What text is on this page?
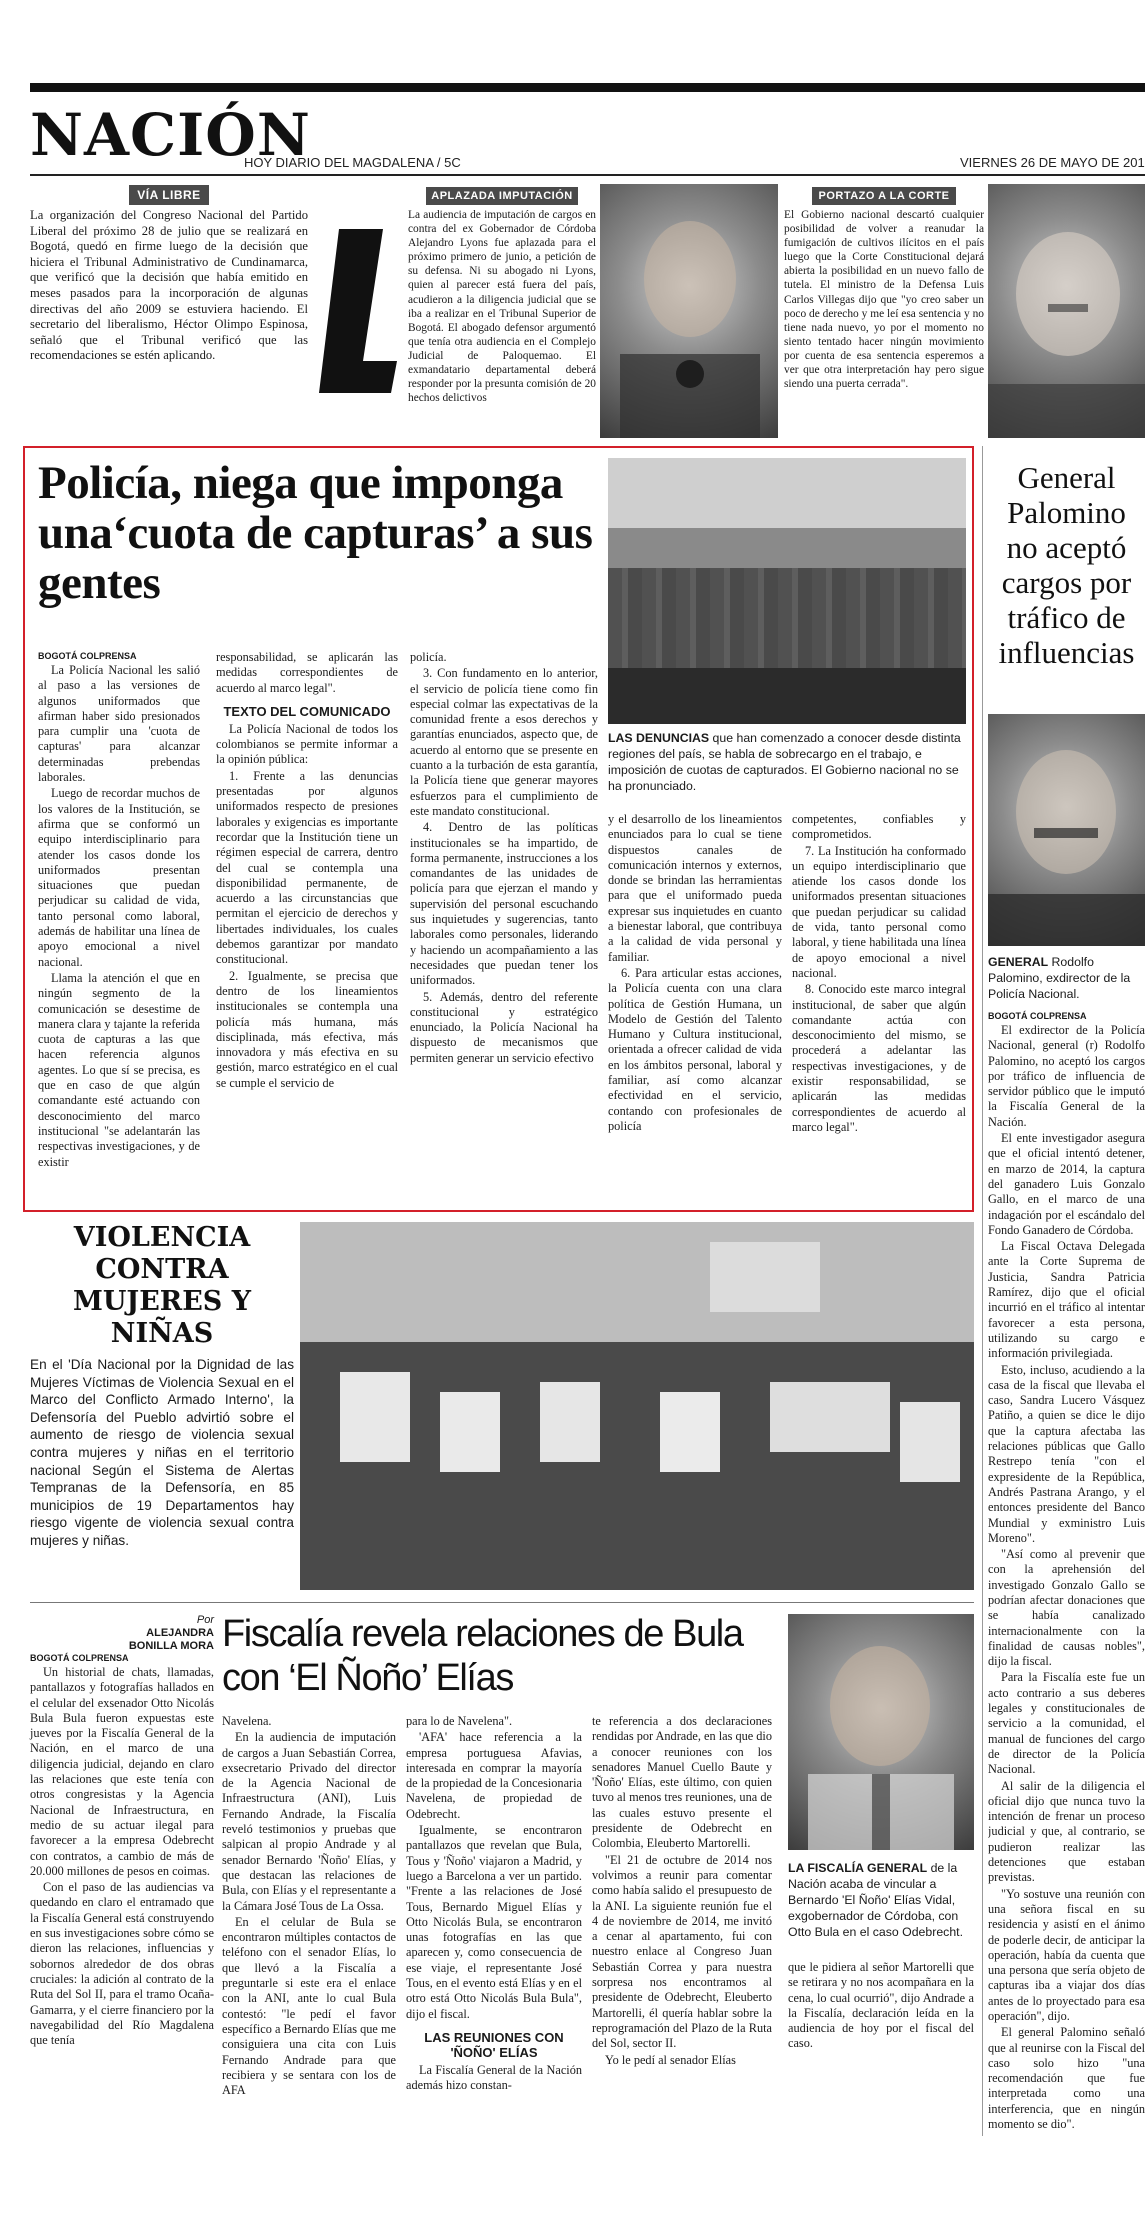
NACIÓN
HOY DIARIO DEL MAGDALENA / 5C	VIERNES 26 DE MAYO DE 201
VÍA LIBRE

La organización del Congreso Nacional del Partido Liberal del próximo 28 de julio que se realizará en Bogotá, quedó en firme luego de la decisión que hiciera el Tribunal Administrativo de Cundinamarca, que verificó que la decisión que había emitido en meses pasados para la incorporación de algunas directivas del año 2009 se estuviera haciendo. El secretario del liberalismo, Héctor Olimpo Espinosa, señaló que el Tribunal verificó que las recomendaciones se estén aplicando.

APLAZADA IMPUTACIÓN

La audiencia de imputación de cargos en contra del ex Gobernador de Córdoba Alejandro Lyons fue aplazada para el próximo primero de junio, a petición de su defensa. Ni su abogado ni Lyons, quien al parecer está fuera del país, acudieron a la diligencia judicial que se iba a realizar en el Tribunal Superior de Bogotá. El abogado defensor argumentó que tenía otra audiencia en el Complejo Judicial de Paloquemao. El exmandatario departamental deberá responder por la presunta comisión de 20 hechos delictivos

PORTAZO A LA CORTE

El Gobierno nacional descartó cualquier posibilidad de volver a reanudar la fumigación de cultivos ilícitos en el país luego que la Corte Constitucional dejará abierta la posibilidad en un nuevo fallo de tutela. El ministro de la Defensa Luis Carlos Villegas dijo que "yo creo saber un poco de derecho y me leí esa sentencia y no tiene nada nuevo, yo por el momento no siento tentado hacer ningún movimiento por cuenta de esa sentencia esperemos a ver que otra interpretación hay pero sigue siendo una puerta cerrada".

Policía, niega que imponga una‘cuota de capturas’ a sus gentes
LAS DENUNCIAS que han comenzado a conocer desde distinta regiones del país, se habla de sobrecargo en el trabajo, e imposición de cuotas de capturados. El Gobierno nacional no se ha pronunciado.

BOGOTÁ COLPRENSA

La Policía Nacional les salió al paso a las versiones de algunos uniformados que afirman haber sido presionados para cumplir una 'cuota de capturas' para alcanzar determinadas prebendas laborales.

Luego de recordar muchos de los valores de la Institución, se afirma que se conformó un equipo interdisciplinario para atender los casos donde los uniformados presentan situaciones que puedan perjudicar su calidad de vida, tanto personal como laboral, además de habilitar una línea de apoyo emocional a nivel nacional.

Llama la atención el que en ningún segmento de la comunicación se desestime de manera clara y tajante la referida cuota de capturas a las que hacen referencia algunos agentes. Lo que sí se precisa, es que en caso de que algún comandante esté actuando con desconocimiento del marco institucional "se adelantarán las respectivas investigaciones, y de existir

responsabilidad, se aplicarán las medidas correspondientes de acuerdo al marco legal".

TEXTO DEL COMUNICADO

La Policía Nacional de todos los colombianos se permite informar a la opinión pública:

1. Frente a las denuncias presentadas por algunos uniformados respecto de presiones laborales y exigencias es importante recordar que la Institución tiene un régimen especial de carrera, dentro del cual se contempla una disponibilidad permanente, de acuerdo a las circunstancias que permitan el ejercicio de derechos y libertades individuales, los cuales debemos garantizar por mandato constitucional.

2. Igualmente, se precisa que dentro de los lineamientos institucionales se contempla una policía más humana, más disciplinada, más efectiva, más innovadora y más efectiva en su gestión, marco estratégico en el cual se cumple el servicio de

policía.

3. Con fundamento en lo anterior, el servicio de policía tiene como fin especial colmar las expectativas de la comunidad frente a esos derechos y garantías enunciados, aspecto que, de acuerdo al entorno que se presente en cuanto a la turbación de esta garantía, la Policía tiene que generar mayores esfuerzos para el cumplimiento de este mandato constitucional.

4. Dentro de las políticas institucionales se ha impartido, de forma permanente, instrucciones a los comandantes de las unidades de policía para que ejerzan el mando y supervisión del personal escuchando sus inquietudes y sugerencias, tanto laborales como personales, liderando y haciendo un acompañamiento a las necesidades que puedan tener los uniformados.

5. Además, dentro del referente constitucional y estratégico enunciado, la Policía Nacional ha dispuesto de mecanismos que permiten generar un servicio efectivo

y el desarrollo de los lineamientos enunciados para lo cual se tiene dispuestos canales de comunicación internos y externos, donde se brindan las herramientas para que el uniformado pueda expresar sus inquietudes en cuanto a bienestar laboral, que contribuya a la calidad de vida personal y familiar.

6. Para articular estas acciones, la Policía cuenta con una clara política de Gestión Humana, un Modelo de Gestión del Talento Humano y Cultura institucional, orientada a ofrecer calidad de vida en los ámbitos personal, laboral y familiar, así como alcanzar efectividad en el servicio, contando con profesionales de policía

competentes, confiables y comprometidos.

7. La Institución ha conformado un equipo interdisciplinario que atiende los casos donde los uniformados presentan situaciones que puedan perjudicar su calidad de vida, tanto personal como laboral, y tiene habilitada una línea de apoyo emocional a nivel nacional.

8. Conocido este marco integral institucional, de saber que algún comandante actúa con desconocimiento del mismo, se procederá a adelantar las respectivas investigaciones, y de existir responsabilidad, se aplicarán las medidas correspondientes de acuerdo al marco legal".

General Palomino no aceptó cargos por tráfico de influencias
GENERAL Rodolfo Palomino, exdirector de la Policía Nacional.

BOGOTÁ COLPRENSA

El exdirector de la Policía Nacional, general (r) Rodolfo Palomino, no aceptó los cargos por tráfico de influencia de servidor público que le imputó la Fiscalía General de la Nación.

El ente investigador asegura que el oficial intentó detener, en marzo de 2014, la captura del ganadero Luis Gonzalo Gallo, en el marco de una indagación por el escándalo del Fondo Ganadero de Córdoba.

La Fiscal Octava Delegada ante la Corte Suprema de Justicia, Sandra Patricia Ramírez, dijo que el oficial incurrió en el tráfico al intentar favorecer a esta persona, utilizando su cargo e información privilegiada.

Esto, incluso, acudiendo a la casa de la fiscal que llevaba el caso, Sandra Lucero Vásquez Patiño, a quien se dice le dijo que la captura afectaba las relaciones públicas que Gallo Restrepo tenía "con el expresidente de la República, Andrés Pastrana Arango, y el entonces presidente del Banco Mundial y exministro Luis Moreno".

"Así como al prevenir que con la aprehensión del investigado Gonzalo Gallo se podrían afectar donaciones que se había canalizado internacionalmente con la finalidad de causas nobles", dijo la fiscal.

Para la Fiscalía este fue un acto contrario a sus deberes legales y constitucionales de servicio a la comunidad, el manual de funciones del cargo de director de la Policía Nacional.

Al salir de la diligencia el oficial dijo que nunca tuvo la intención de frenar un proceso judicial y que, al contrario, se pudieron realizar las detenciones que estaban previstas.

"Yo sostuve una reunión con una señora fiscal en su residencia y asistí en el ánimo de poderle decir, de anticipar la operación, había da cuenta que una persona que sería objeto de capturas iba a viajar dos días antes de lo proyectado para esa operación", dijo.

El general Palomino señaló que al reunirse con la Fiscal del caso solo hizo "una recomendación que fue interpretada como una interferencia, que en ningún momento se dio".

VIOLENCIA CONTRA MUJERES Y NIÑAS

En el 'Día Nacional por la Dignidad de las Mujeres Víctimas de Violencia Sexual en el Marco del Conflicto Armado Interno', la Defensoría del Pueblo advirtió sobre el aumento de riesgo de violencia sexual contra mujeres y niñas en el territorio nacional Según el Sistema de Alertas Tempranas de la Defensoría, en 85 municipios de 19 Departamentos hay riesgo vigente de violencia sexual contra mujeres y niñas.

Por
ALEJANDRA BONILLA MORA Fiscalía revela relaciones de Bula con ‘El Ñoño’ Elías

BOGOTÁ COLPRENSA

Un historial de chats, llamadas, pantallazos y fotografías hallados en el celular del exsenador Otto Nicolás Bula Bula fueron expuestas este jueves por la Fiscalía General de la Nación, en el marco de una diligencia judicial, dejando en claro las relaciones que este tenía con otros congresistas y la Agencia Nacional de Infraestructura, en medio de su actuar ilegal para favorecer a la empresa Odebrecht con contratos, a cambio de más de 20.000 millones de pesos en coimas.

Con el paso de las audiencias va quedando en claro el entramado que la Fiscalía General está construyendo en sus investigaciones sobre cómo se dieron las relaciones, influencias y sobornos alrededor de dos obras cruciales: la adición al contrato de la Ruta del Sol II, para el tramo Ocaña-Gamarra, y el cierre financiero por la navegabilidad del Río Magdalena que tenía

Navelena.

En la audiencia de imputación de cargos a Juan Sebastián Correa, exsecretario Privado del director de la Agencia Nacional de Infraestructura (ANI), Luis Fernando Andrade, la Fiscalía reveló testimonios y pruebas que salpican al propio Andrade y al senador Bernardo 'Ñoño' Elías, y que destacan las relaciones de Bula, con Elías y el representante a la Cámara José Tous de La Ossa.

En el celular de Bula se encontraron múltiples contactos de teléfono con el senador Elías, lo que llevó a la Fiscalía a preguntarle si este era el enlace con la ANI, ante lo cual Bula contestó: "le pedí el favor específico a Bernardo Elías que me consiguiera una cita con Luis Fernando Andrade para que recibiera y se sentara con los de AFA

para lo de Navelena".

'AFA' hace referencia a la empresa portuguesa Afavias, interesada en comprar la mayoría de la propiedad de la Concesionaria Navelena, de propiedad de Odebrecht.

Igualmente, se encontraron pantallazos que revelan que Bula, Tous y 'Ñoño' viajaron a Madrid, y luego a Barcelona a ver un partido. "Frente a las relaciones de José Tous, Bernardo Miguel Elías y Otto Nicolás Bula, se encontraron unas fotografías en las que aparecen y, como consecuencia de ese viaje, el representante José Tous, en el evento está Elías y en el otro está Otto Nicolás Bula Bula", dijo el fiscal.

LAS REUNIONES CON 'ÑOÑO' ELÍAS

La Fiscalía General de la Nación además hizo constan-

te referencia a dos declaraciones rendidas por Andrade, en las que dio a conocer reuniones con los senadores Manuel Cuello Baute y 'Ñoño' Elías, este último, con quien tuvo al menos tres reuniones, una de las cuales estuvo presente el presidente de Odebrecht en Colombia, Eleuberto Martorelli.

"El 21 de octubre de 2014 nos volvimos a reunir para comentar como había salido el presupuesto de la ANI. La siguiente reunión fue el 4 de noviembre de 2014, me invitó a cenar al apartamento, fui con nuestro enlace al Congreso Juan Sebastián Correa y para nuestra sorpresa nos encontramos al presidente de Odebrecht, Eleuberto Martorelli, él quería hablar sobre la reprogramación del Plazo de la Ruta del Sol, sector II.

Yo le pedí al senador Elías

LA FISCALÍA GENERAL de la Nación acaba de vincular a Bernardo 'El Ñoño' Elías Vidal, exgobernador de Córdoba, con Otto Bula en el caso Odebrecht.

que le pidiera al señor Martorelli que se retirara y no nos acompañara en la cena, lo cual ocurrió", dijo Andrade a la Fiscalía, declaración leída en la audiencia de hoy por el fiscal del caso.
